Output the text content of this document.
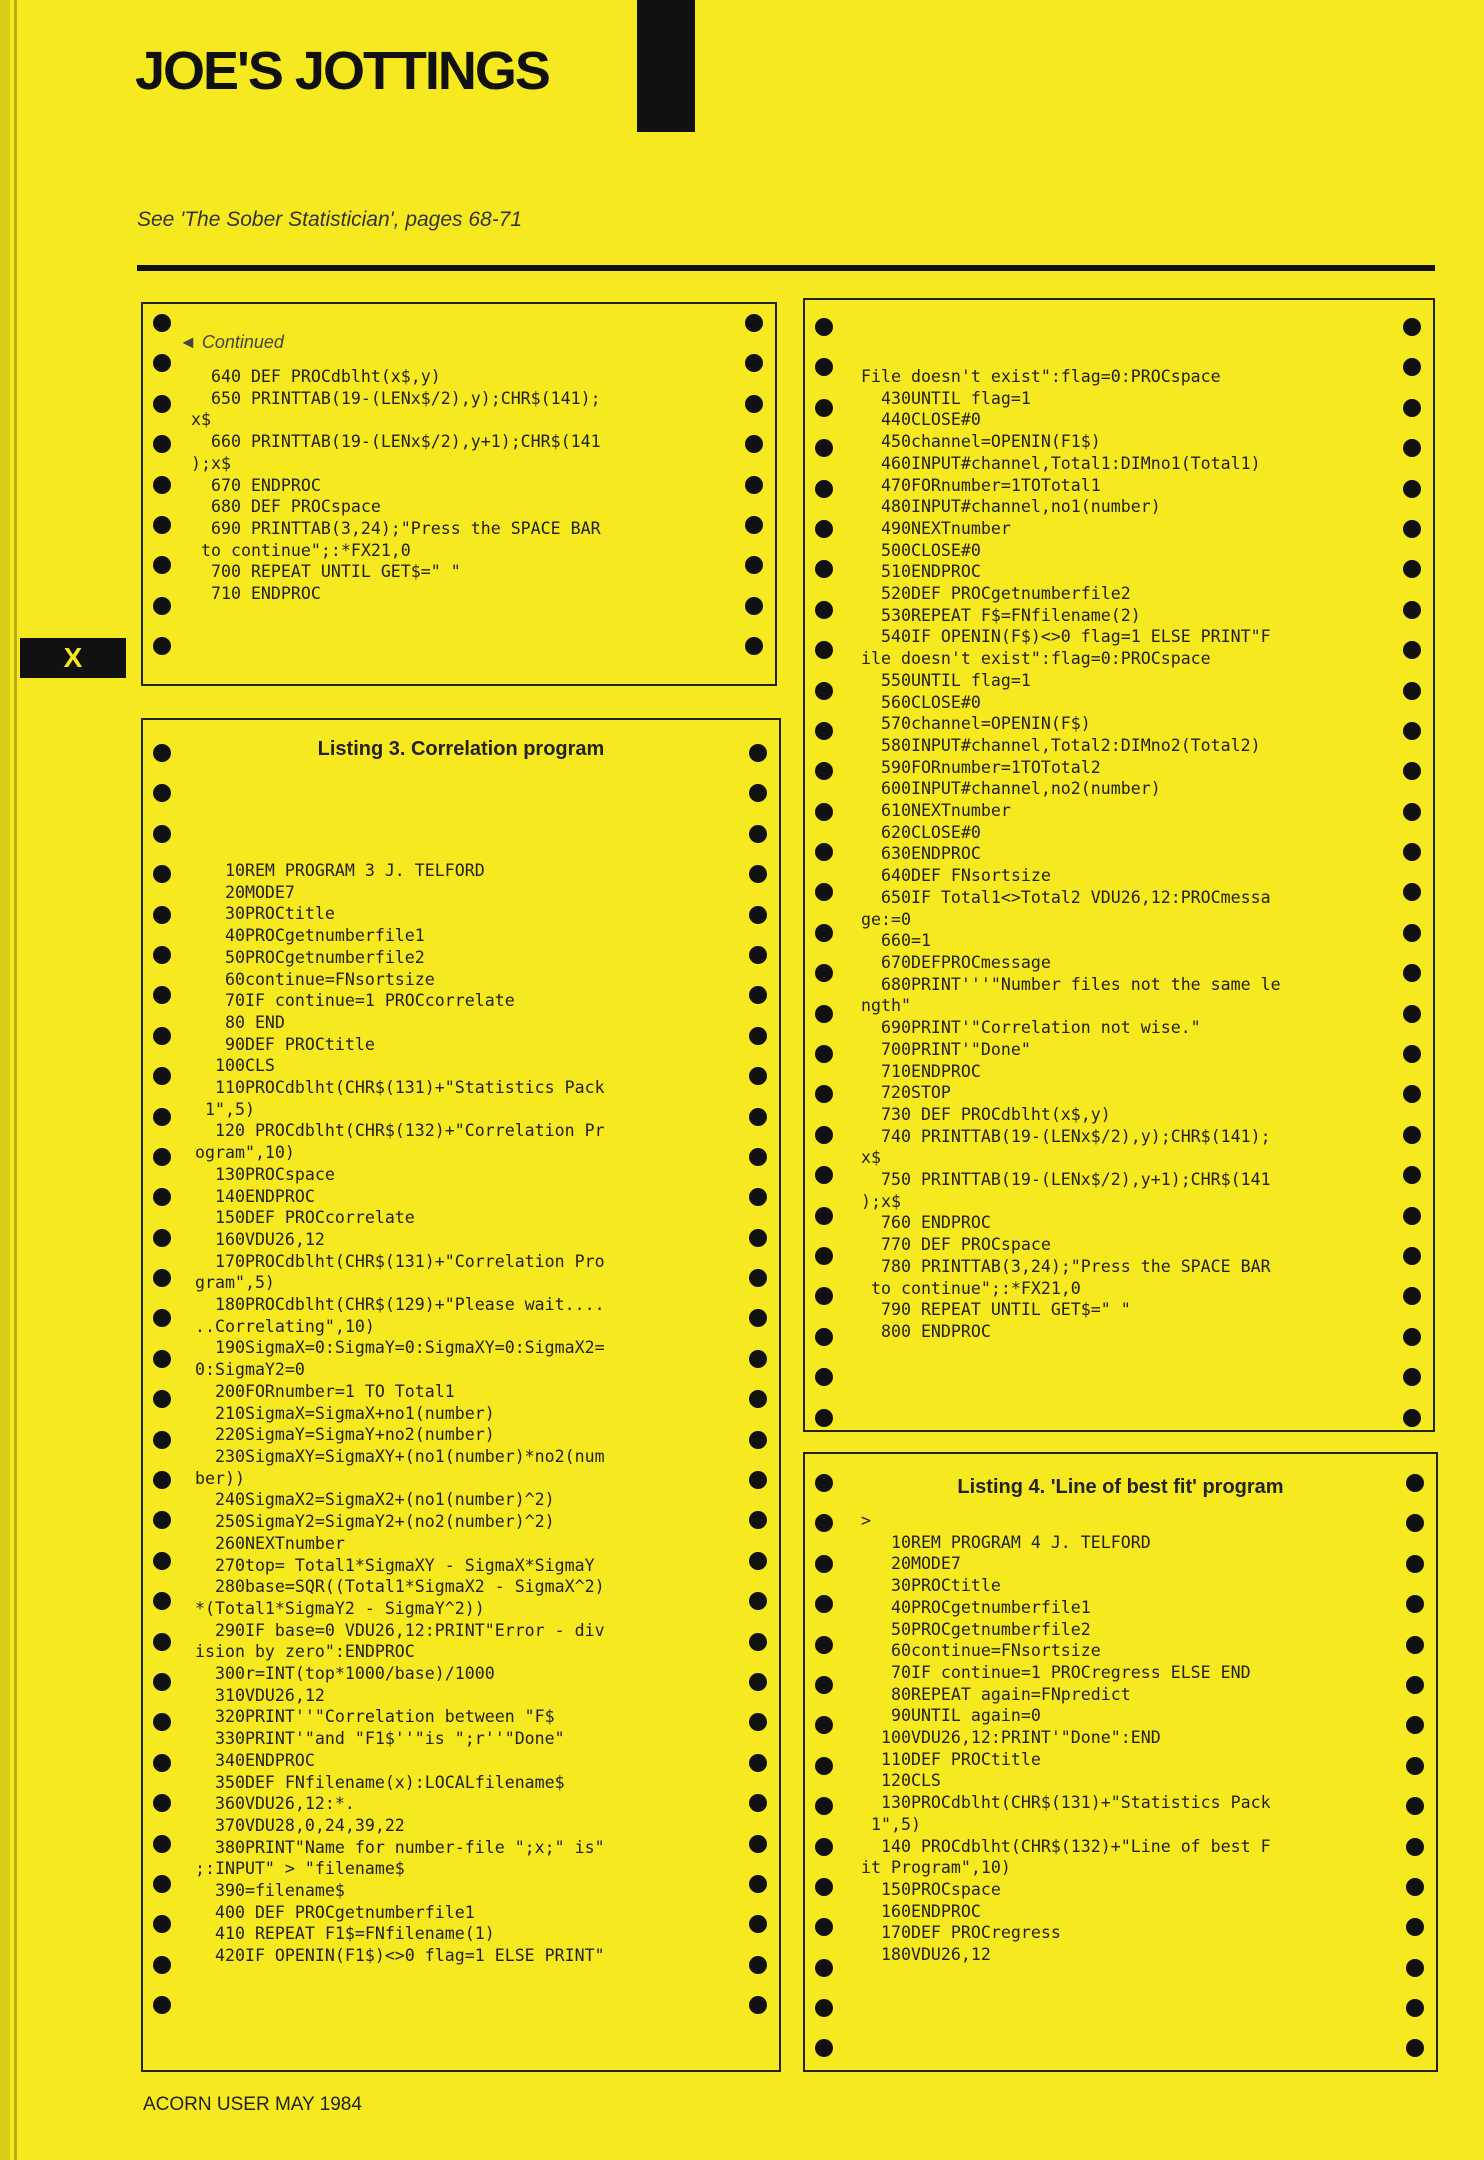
JOE'S JOTTINGS
See 'The Sober Statistician', pages 68-71
X
◄ Continued
640 DEF PROCdblht(x$,y)
650 PRINTTAB(19-(LENx$/2),y);CHR$(141);
x$
660 PRINTTAB(19-(LENx$/2),y+1);CHR$(141
);x$
670 ENDPROC
680 DEF PROCspace
690 PRINTTAB(3,24);"Press the SPACE BAR
to continue";:*FX21,0
700 REPEAT UNTIL GET$=" "
710 ENDPROC
Listing 3. Correlation program
10REM PROGRAM 3 J. TELFORD
20MODE7
30PROCtitle
40PROCgetnumberfile1
50PROCgetnumberfile2
60continue=FNsortsize
70IF continue=1 PROCcorrelate
80 END
90DEF PROCtitle
100CLS
110PROCdblht(CHR$(131)+"Statistics Pack
1",5)
120 PROCdblht(CHR$(132)+"Correlation Pr
ogram",10)
130PROCspace
140ENDPROC
150DEF PROCcorrelate
160VDU26,12
170PROCdblht(CHR$(131)+"Correlation Pro
gram",5)
180PROCdblht(CHR$(129)+"Please wait....
..Correlating",10)
190SigmaX=0:SigmaY=0:SigmaXY=0:SigmaX2=
0:SigmaY2=0
200FORnumber=1 TO Total1
210SigmaX=SigmaX+no1(number)
220SigmaY=SigmaY+no2(number)
230SigmaXY=SigmaXY+(no1(number)*no2(num
ber))
240SigmaX2=SigmaX2+(no1(number)^2)
250SigmaY2=SigmaY2+(no2(number)^2)
260NEXTnumber
270top= Total1*SigmaXY - SigmaX*SigmaY
280base=SQR((Total1*SigmaX2 - SigmaX^2)
*(Total1*SigmaY2 - SigmaY^2))
290IF base=0 VDU26,12:PRINT"Error - div
ision by zero":ENDPROC
300r=INT(top*1000/base)/1000
310VDU26,12
320PRINT''"Correlation between "F$
330PRINT'"and "F1$''"is ";r''"Done"
340ENDPROC
350DEF FNfilename(x):LOCALfilename$
360VDU26,12:*.
370VDU28,0,24,39,22
380PRINT"Name for number-file ";x;" is"
;:INPUT" > "filename$
390=filename$
400 DEF PROCgetnumberfile1
410 REPEAT F1$=FNfilename(1)
420IF OPENIN(F1$)<>0 flag=1 ELSE PRINT"
File doesn't exist":flag=0:PROCspace
430UNTIL flag=1
440CLOSE#0
450channel=OPENIN(F1$)
460INPUT#channel,Total1:DIMno1(Total1)
470FORnumber=1TOTotal1
480INPUT#channel,no1(number)
490NEXTnumber
500CLOSE#0
510ENDPROC
520DEF PROCgetnumberfile2
530REPEAT F$=FNfilename(2)
540IF OPENIN(F$)<>0 flag=1 ELSE PRINT"F
ile doesn't exist":flag=0:PROCspace
550UNTIL flag=1
560CLOSE#0
570channel=OPENIN(F$)
580INPUT#channel,Total2:DIMno2(Total2)
590FORnumber=1TOTotal2
600INPUT#channel,no2(number)
610NEXTnumber
620CLOSE#0
630ENDPROC
640DEF FNsortsize
650IF Total1<>Total2 VDU26,12:PROCmessa
ge:=0
660=1
670DEFPROCmessage
680PRINT'''"Number files not the same le
ngth"
690PRINT'"Correlation not wise."
700PRINT'"Done"
710ENDPROC
720STOP
730 DEF PROCdblht(x$,y)
740 PRINTTAB(19-(LENx$/2),y);CHR$(141);
x$
750 PRINTTAB(19-(LENx$/2),y+1);CHR$(141
);x$
760 ENDPROC
770 DEF PROCspace
780 PRINTTAB(3,24);"Press the SPACE BAR
to continue";:*FX21,0
790 REPEAT UNTIL GET$=" "
800 ENDPROC
Listing 4. 'Line of best fit' program
>
10REM PROGRAM 4 J. TELFORD
20MODE7
30PROCtitle
40PROCgetnumberfile1
50PROCgetnumberfile2
60continue=FNsortsize
70IF continue=1 PROCregress ELSE END
80REPEAT again=FNpredict
90UNTIL again=0
100VDU26,12:PRINT'"Done":END
110DEF PROCtitle
120CLS
130PROCdblht(CHR$(131)+"Statistics Pack
1",5)
140 PROCdblht(CHR$(132)+"Line of best F
it Program",10)
150PROCspace
160ENDPROC
170DEF PROCregress
180VDU26,12
ACORN USER MAY 1984
